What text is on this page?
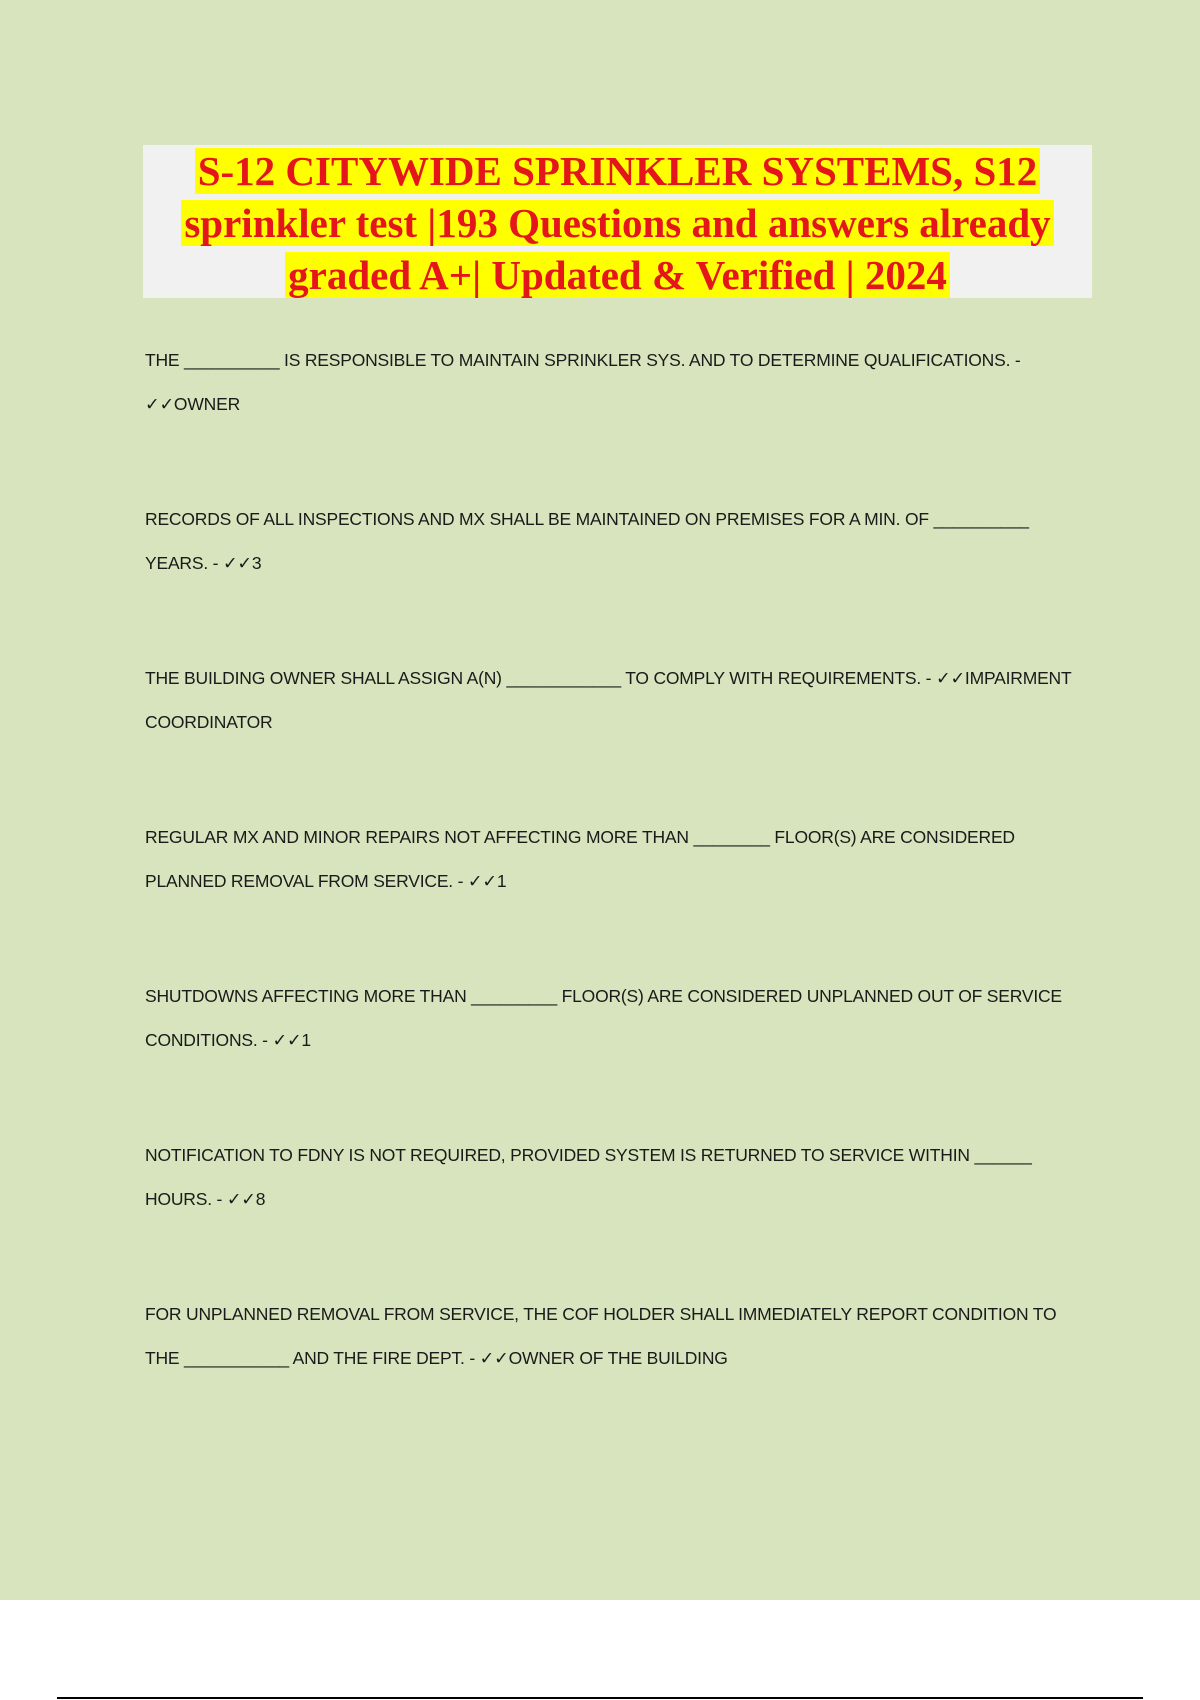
S-12 CITYWIDE SPRINKLER SYSTEMS, S12
sprinkler test |193 Questions and answers already
graded A+| Updated & Verified | 2024
THE __________ IS RESPONSIBLE TO MAINTAIN SPRINKLER SYS. AND TO DETERMINE QUALIFICATIONS. - ✓✓OWNER
RECORDS OF ALL INSPECTIONS AND MX SHALL BE MAINTAINED ON PREMISES FOR A MIN. OF __________ YEARS. - ✓✓3
THE BUILDING OWNER SHALL ASSIGN A(N) ____________ TO COMPLY WITH REQUIREMENTS. - ✓✓IMPAIRMENT COORDINATOR
REGULAR MX AND MINOR REPAIRS NOT AFFECTING MORE THAN ________ FLOOR(S) ARE CONSIDERED PLANNED REMOVAL FROM SERVICE. - ✓✓1
SHUTDOWNS AFFECTING MORE THAN _________ FLOOR(S) ARE CONSIDERED UNPLANNED OUT OF SERVICE CONDITIONS. - ✓✓1
NOTIFICATION TO FDNY IS NOT REQUIRED, PROVIDED SYSTEM IS RETURNED TO SERVICE WITHIN ______ HOURS. - ✓✓8
FOR UNPLANNED REMOVAL FROM SERVICE, THE COF HOLDER SHALL IMMEDIATELY REPORT CONDITION TO THE ___________ AND THE FIRE DEPT. - ✓✓OWNER OF THE BUILDING
